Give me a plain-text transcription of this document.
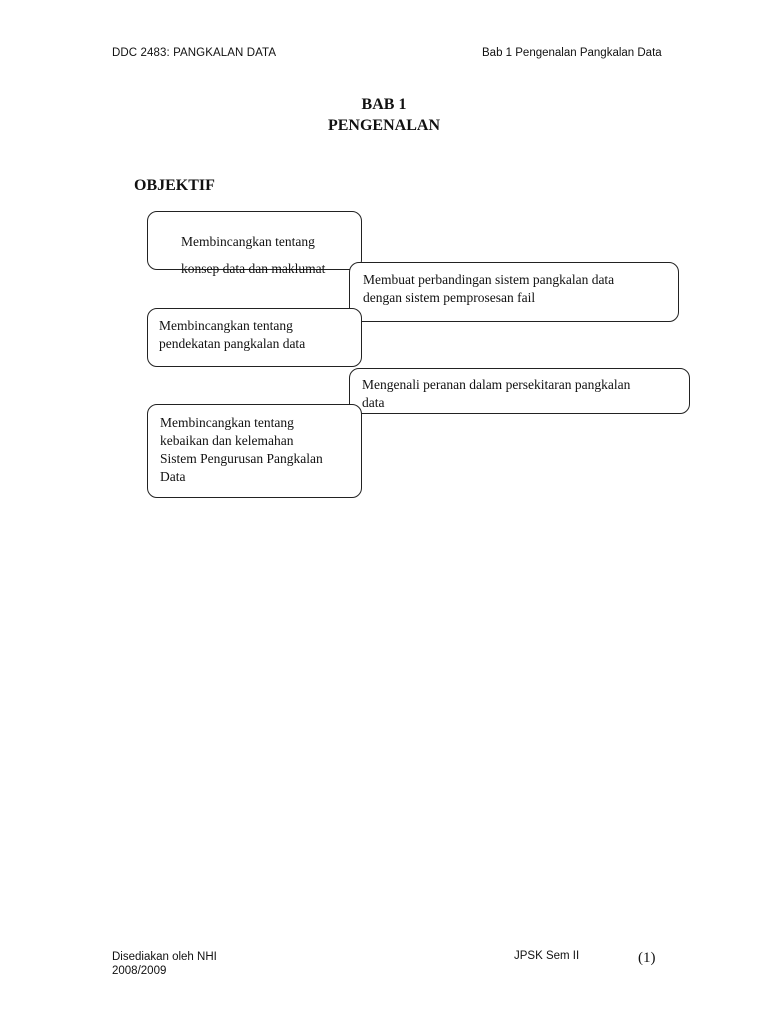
DDC 2483: PANGKALAN DATA	Bab 1 Pengenalan Pangkalan Data
BAB 1
PENGENALAN
OBJEKTIF
Membincangkan tentang
konsep data dan maklumat
Membuat perbandingan sistem pangkalan data
dengan sistem pemprosesan fail
Membincangkan tentang
pendekatan pangkalan data
Mengenali peranan dalam persekitaran pangkalan
data
Membincangkan tentang
kebaikan dan kelemahan
Sistem Pengurusan Pangkalan
Data
Disediakan oleh NHI
2008/2009
JPSK Sem II	(1)
